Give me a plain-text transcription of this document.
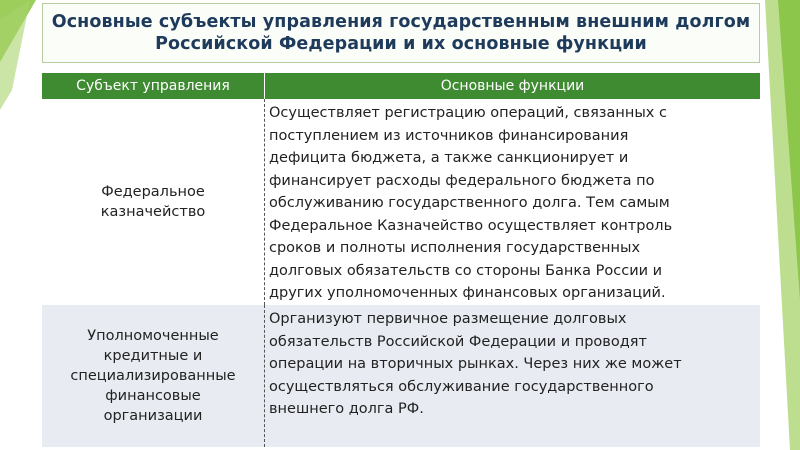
Основные субъекты управления государственным внешним долгом
Российской Федерации и их основные функции
Субъект управления	Основные функции
Федеральное
казначейство
Осуществляет регистрацию операций, связанных с
поступлением из источников финансирования
дефицита бюджета, а также санкционирует и
финансирует расходы федерального бюджета по
обслуживанию государственного долга. Тем самым
Федеральное Казначейство осуществляет контроль
сроков и полноты исполнения государственных
долговых обязательств со стороны Банка России и
других уполномоченных финансовых организаций.
Уполномоченные
кредитные и
специализированные
финансовые
организации
Организуют первичное размещение долговых
обязательств Российской Федерации и проводят
операции на вторичных рынках. Через них же может
осуществляться обслуживание государственного
внешнего долга РФ.
